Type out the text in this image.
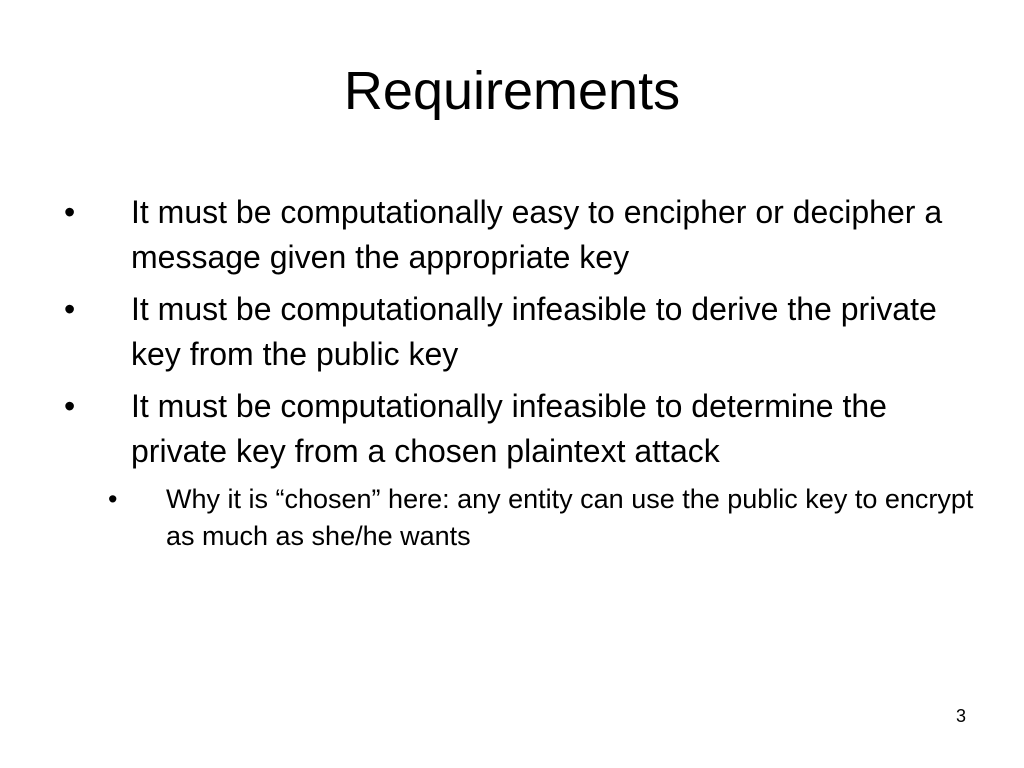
Requirements
• It must be computationally easy to encipher or decipher a message given the appropriate key
• It must be computationally infeasible to derive the private key from the public key
• It must be computationally infeasible to determine the private key from a chosen plaintext attack
• Why it is “chosen” here: any entity can use the public key to encrypt as much as she/he wants
3
